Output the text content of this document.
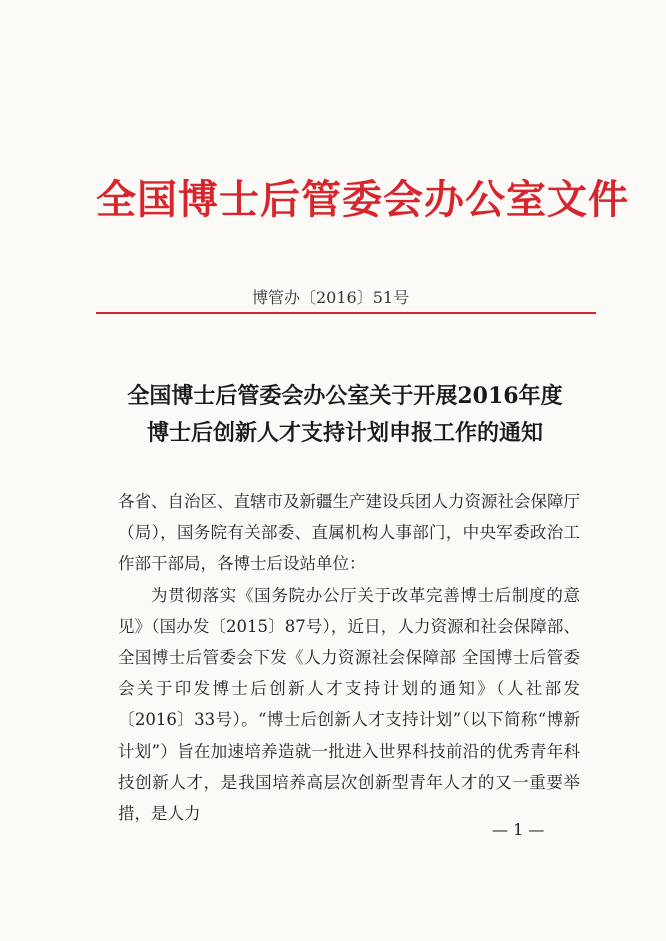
全国博士后管委会办公室文件
博管办〔2016〕51号
全国博士后管委会办公室关于开展2016年度
博士后创新人才支持计划申报工作的通知

各省、自治区、直辖市及新疆生产建设兵团人力资源社会保障厅（局），国务院有关部委、直属机构人事部门，中央军委政治工作部干部局，各博士后设站单位：

为贯彻落实《国务院办公厅关于改革完善博士后制度的意见》（国办发〔2015〕87号），近日，人力资源和社会保障部、全国博士后管委会下发《人力资源社会保障部 全国博士后管委会关于印发博士后创新人才支持计划的通知》（人社部发〔2016〕33号）。“博士后创新人才支持计划”（以下简称“博新计划”）旨在加速培养造就一批进入世界科技前沿的优秀青年科技创新人才，是我国培养高层次创新型青年人才的又一重要举措，是人力

— 1 —
